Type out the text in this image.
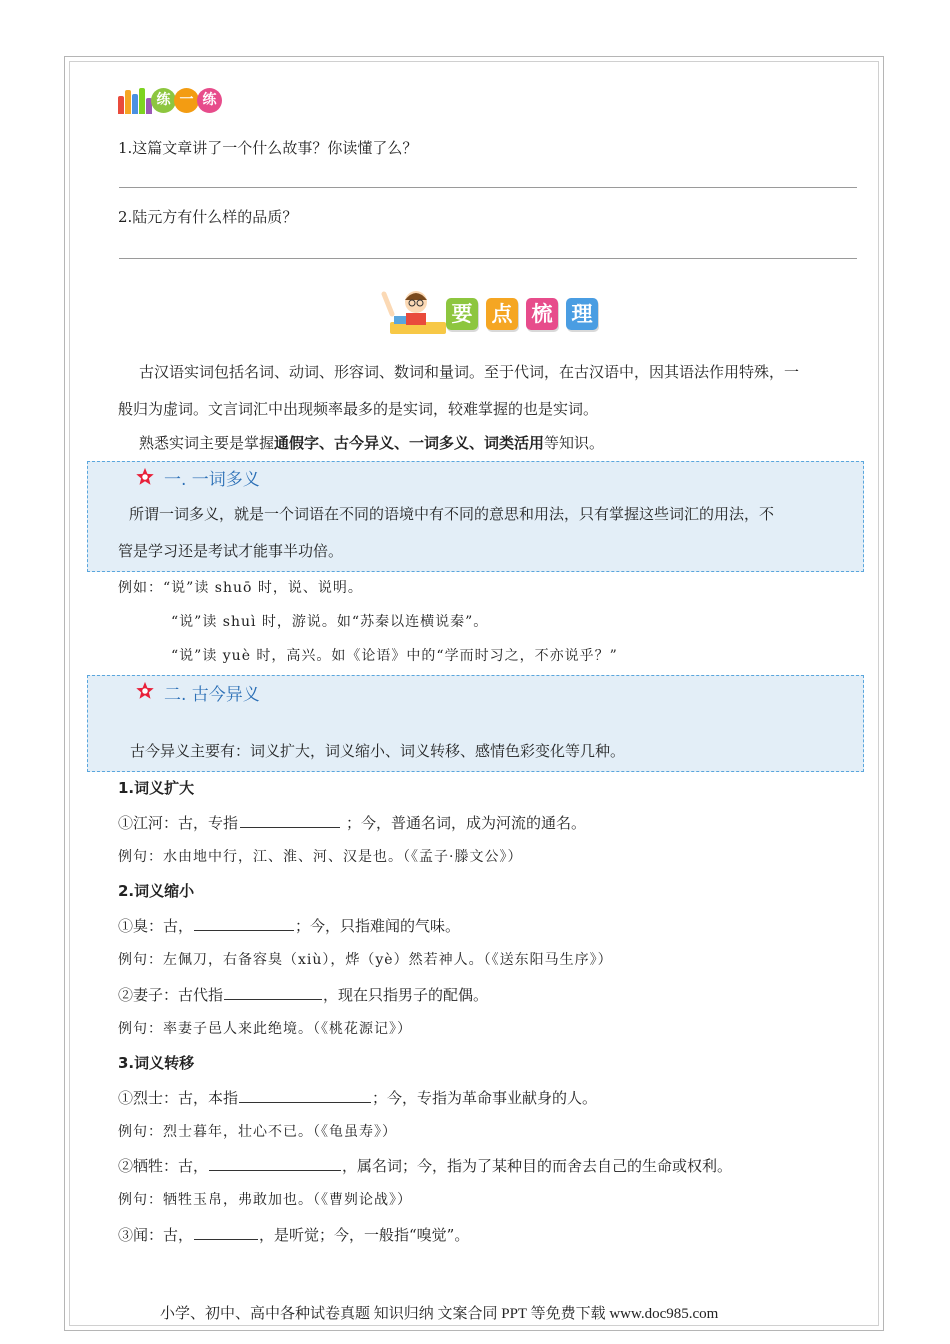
练 一 练
1.这篇文章讲了一个什么故事？你读懂了么？
2.陆元方有什么样的品质？
要 点 梳 理
古汉语实词包括名词、动词、形容词、数词和量词。至于代词，在古汉语中，因其语法作用特殊，一
般归为虚词。文言词汇中出现频率最多的是实词，较难掌握的也是实词。
熟悉实词主要是掌握通假字、古今异义、一词多义、词类活用等知识。
一. 一词多义
所谓一词多义，就是一个词语在不同的语境中有不同的意思和用法，只有掌握这些词汇的用法，不
管是学习还是考试才能事半功倍。
例如：“说”读 shuō 时，说、说明。
“说”读 shuì 时，游说。如“苏秦以连横说秦”。
“说”读 yuè 时，高兴。如《论语》中的“学而时习之，不亦说乎？”
二. 古今异义
古今异义主要有：词义扩大，词义缩小、词义转移、感情色彩变化等几种。
1.词义扩大
①江河：古，专指	；今，普通名词，成为河流的通名。
例句：水由地中行，江、淮、河、汉是也。（《孟子·滕文公》）
2.词义缩小
①臭：古，	；今，只指难闻的气味。
例句：左佩刀，右备容臭（xiù），烨（yè）然若神人。（《送东阳马生序》）
②妻子：古代指	，现在只指男子的配偶。
例句：率妻子邑人来此绝境。（《桃花源记》）
3.词义转移
①烈士：古，本指	；今，专指为革命事业献身的人。
例句：烈士暮年，壮心不已。（《龟虽寿》）
②牺牲：古，	，属名词；今，指为了某种目的而舍去自己的生命或权利。
例句：牺牲玉帛，弗敢加也。（《曹刿论战》）
③闻：古，	，是听觉；今，一般指“嗅觉”。
小学、初中、高中各种试卷真题 知识归纳 文案合同 PPT 等免费下载 www.doc985.com
